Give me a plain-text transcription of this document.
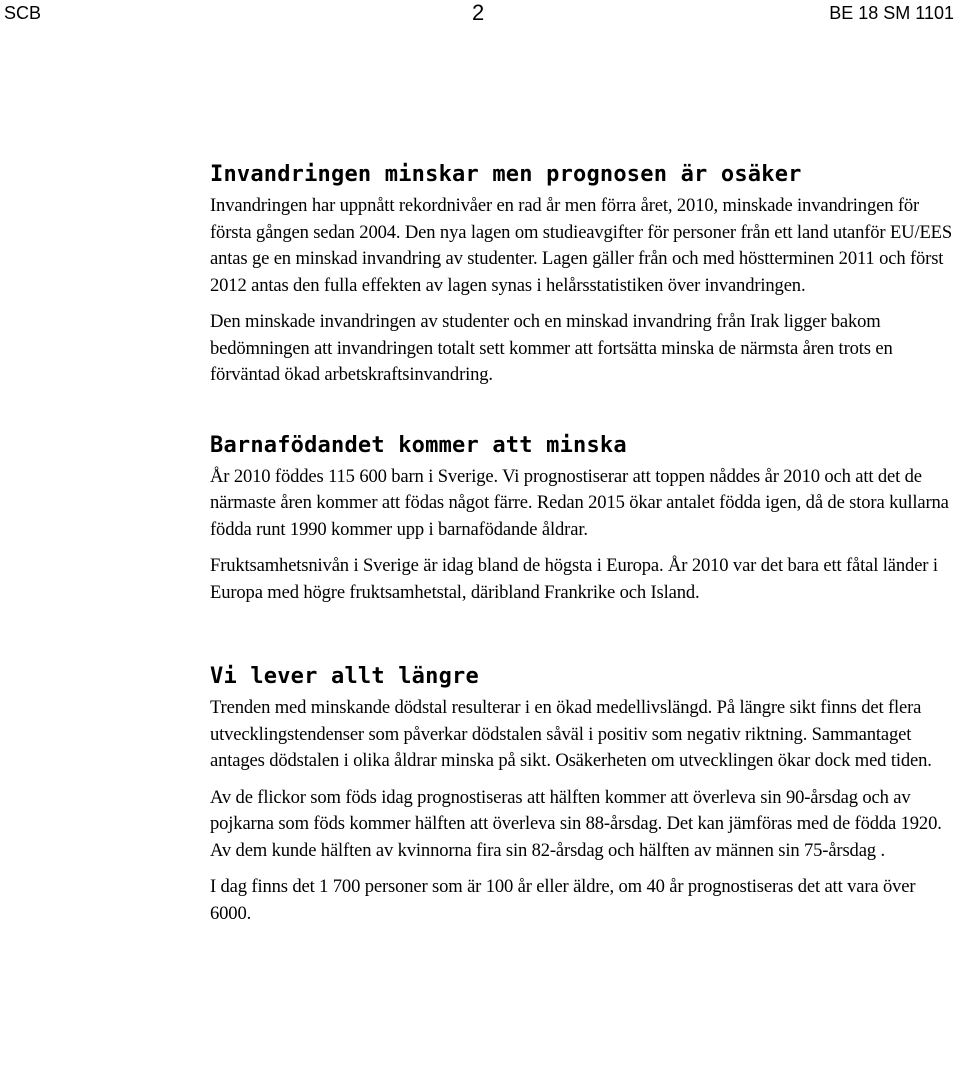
SCB	2	BE 18 SM 1101
Invandringen minskar men prognosen är osäker

Invandringen har uppnått rekordnivåer en rad år men förra året, 2010, minskade invandringen för första gången sedan 2004. Den nya lagen om studieavgifter för personer från ett land utanför EU/EES antas ge en minskad invandring av studenter. Lagen gäller från och med höstterminen 2011 och först 2012 antas den fulla effekten av lagen synas i helårsstatistiken över invandringen.

Den minskade invandringen av studenter och en minskad invandring från Irak ligger bakom bedömningen att invandringen totalt sett kommer att fortsätta minska de närmsta åren trots en förväntad ökad arbetskraftsinvandring.

Barnafödandet kommer att minska

År 2010 föddes 115 600 barn i Sverige. Vi prognostiserar att toppen nåddes år 2010 och att det de närmaste åren kommer att födas något färre. Redan 2015 ökar antalet födda igen, då de stora kullarna födda runt 1990 kommer upp i barnafödande åldrar.

Fruktsamhetsnivån i Sverige är idag bland de högsta i Europa. År 2010 var det bara ett fåtal länder i Europa med högre fruktsamhetstal, däribland Frankrike och Island.

Vi lever allt längre

Trenden med minskande dödstal resulterar i en ökad medellivslängd. På längre sikt finns det flera utvecklingstendenser som påverkar dödstalen såväl i positiv som negativ riktning. Sammantaget antages dödstalen i olika åldrar minska på sikt. Osäkerheten om utvecklingen ökar dock med tiden.

Av de flickor som föds idag prognostiseras att hälften kommer att överleva sin 90-årsdag och av pojkarna som föds kommer hälften att överleva sin 88-årsdag. Det kan jämföras med de födda 1920. Av dem kunde hälften av kvinnorna fira sin 82-årsdag och hälften av männen sin 75-årsdag .

I dag finns det 1 700 personer som är 100 år eller äldre, om 40 år prognostiseras det att vara över 6000.
